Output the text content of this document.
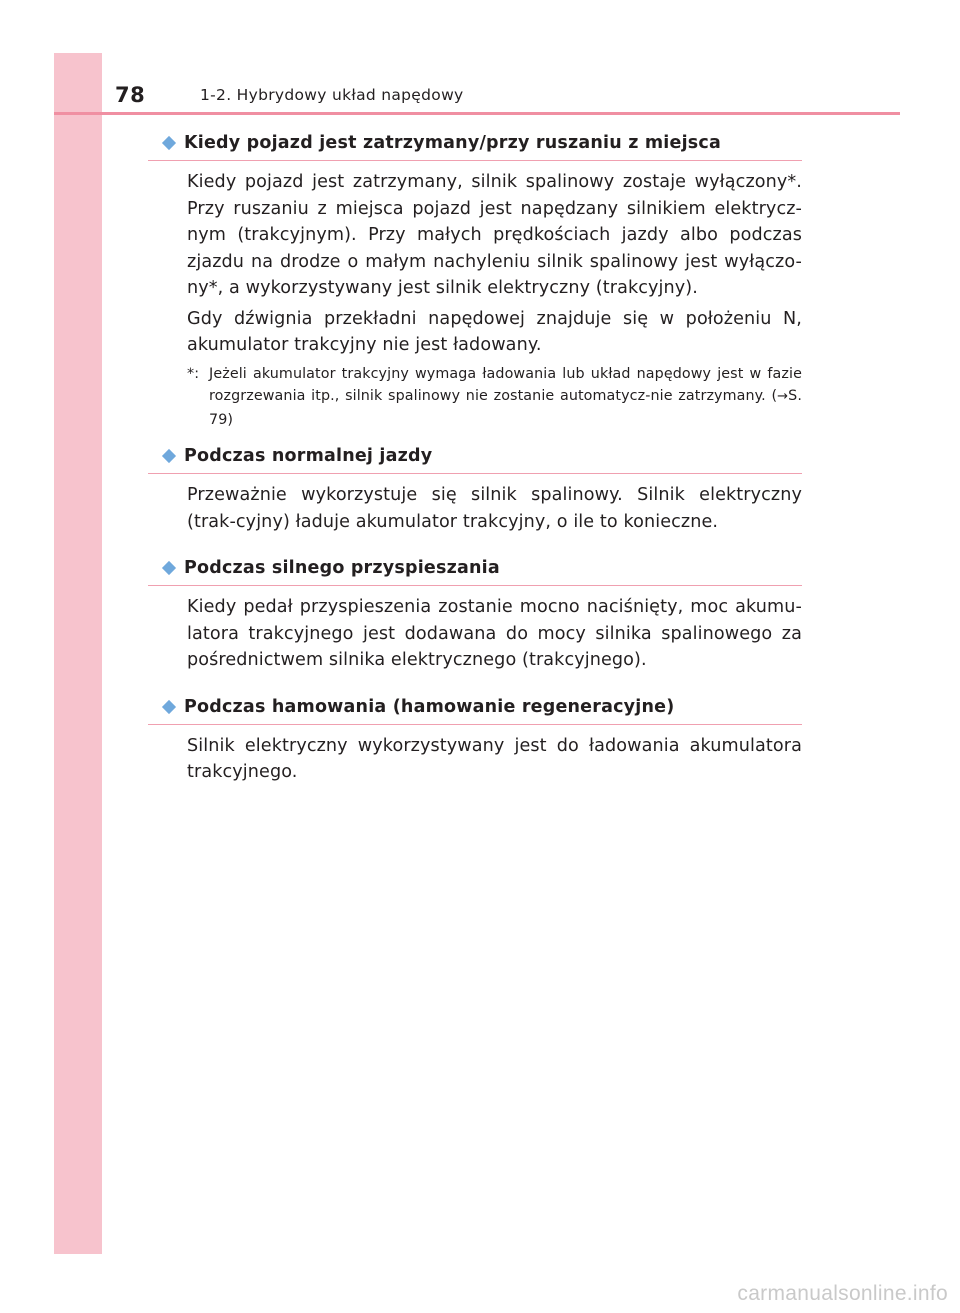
78	1-2. Hybrydowy układ napędowy
Kiedy pojazd jest zatrzymany/przy ruszaniu z miejsca

Kiedy pojazd jest zatrzymany, silnik spalinowy zostaje wyłączony*. Przy ruszaniu z miejsca pojazd jest napędzany silnikiem elektrycz-nym (trakcyjnym). Przy małych prędkościach jazdy albo podczas zjazdu na drodze o małym nachyleniu silnik spalinowy jest wyłączo-ny*, a wykorzystywany jest silnik elektryczny (trakcyjny).

Gdy dźwignia przekładni napędowej znajduje się w położeniu N, akumulator trakcyjny nie jest ładowany.

*: Jeżeli akumulator trakcyjny wymaga ładowania lub układ napędowy jest w fazie rozgrzewania itp., silnik spalinowy nie zostanie automatycz-nie zatrzymany. (→S. 79)
Podczas normalnej jazdy

Przeważnie wykorzystuje się silnik spalinowy. Silnik elektryczny (trak-cyjny) ładuje akumulator trakcyjny, o ile to konieczne.

Podczas silnego przyspieszania

Kiedy pedał przyspieszenia zostanie mocno naciśnięty, moc akumu-latora trakcyjnego jest dodawana do mocy silnika spalinowego za pośrednictwem silnika elektrycznego (trakcyjnego).

Podczas hamowania (hamowanie regeneracyjne)

Silnik elektryczny wykorzystywany jest do ładowania akumulatora trakcyjnego.

carmanualsonline.info
